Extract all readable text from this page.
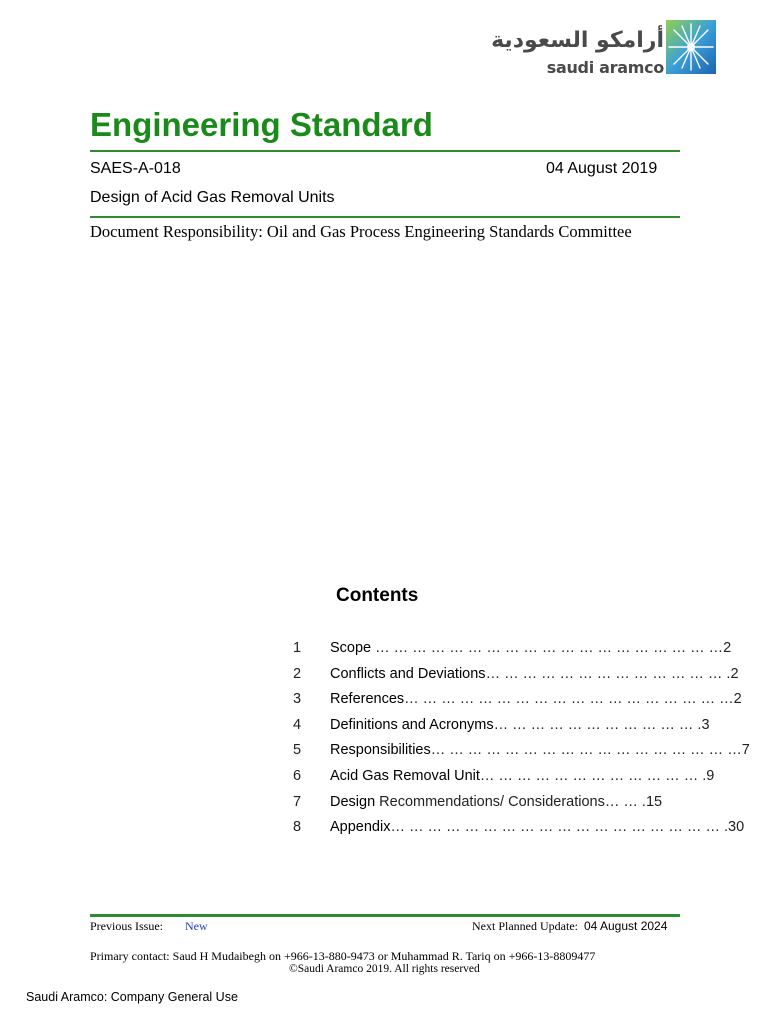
أرامكو السعودية
saudi aramco
Engineering Standard
SAES-A-018	04 August 2019
Design of Acid Gas Removal Units
Document Responsibility: Oil and Gas Process Engineering Standards Committee
Contents
1 Scope … … … … … … … … … … … … … … … … … … …2
2 Conflicts and Deviations… … … … … … … … … … … … … .2
3 References… … … … … … … … … … … … … … … … … …2
4 Definitions and Acronyms… … … … … … … … … … … .3
5 Responsibilities… … … … … … … … … … … … … … … … …7
6 Acid Gas Removal Unit… … … … … … … … … … … … .9
7 Design Recommendations/ Considerations… … .15
8 Appendix… … … … … … … … … … … … … … … … … … .30
Previous Issue: New	Next Planned Update: 04 August 2024
Primary contact: Saud H Mudaibegh on +966-13-880-9473 or Muhammad R. Tariq on +966-13-8809477
©Saudi Aramco 2019. All rights reserved
Saudi Aramco: Company General Use
